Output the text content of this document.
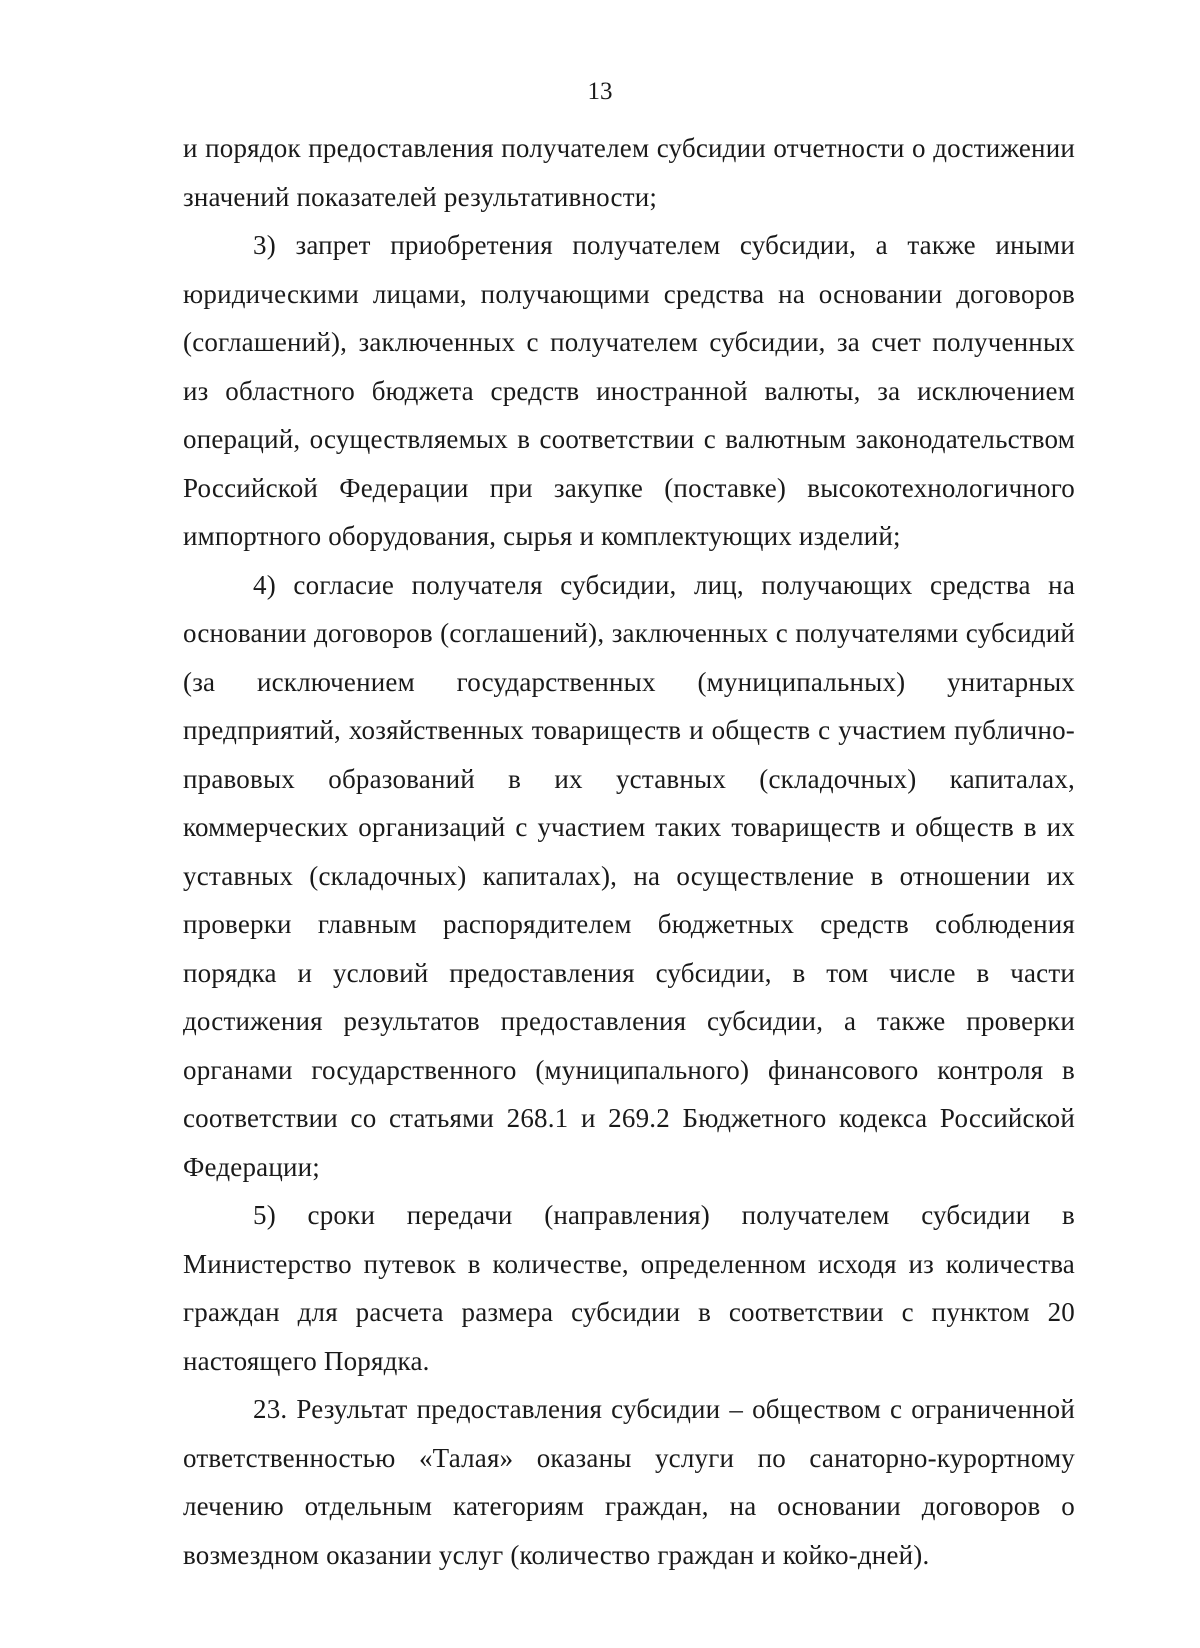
13

и порядок предоставления получателем субсидии отчетности о достижении значений показателей результативности;

3) запрет приобретения получателем субсидии, а также иными юридическими лицами, получающими средства на основании договоров (соглашений), заключенных с получателем субсидии, за счет полученных из областного бюджета средств иностранной валюты, за исключением операций, осуществляемых в соответствии с валютным законодательством Российской Федерации при закупке (поставке) высокотехнологичного импортного оборудования, сырья и комплектующих изделий;

4) согласие получателя субсидии, лиц, получающих средства на основании договоров (соглашений), заключенных с получателями субсидий (за исключением государственных (муниципальных) унитарных предприятий, хозяйственных товариществ и обществ с участием публично-правовых образований в их уставных (складочных) капиталах, коммерческих организаций с участием таких товариществ и обществ в их уставных (складочных) капиталах), на осуществление в отношении их проверки главным распорядителем бюджетных средств соблюдения порядка и условий предоставления субсидии, в том числе в части достижения результатов предоставления субсидии, а также проверки органами государственного (муниципального) финансового контроля в соответствии со статьями 268.1 и 269.2 Бюджетного кодекса Российской Федерации;

5) сроки передачи (направления) получателем субсидии в Министерство путевок в количестве, определенном исходя из количества граждан для расчета размера субсидии в соответствии с пунктом 20 настоящего Порядка.

23. Результат предоставления субсидии – обществом с ограниченной ответственностью «Талая» оказаны услуги по санаторно-курортному лечению отдельным категориям граждан, на основании договоров о возмездном оказании услуг (количество граждан и койко-дней).
